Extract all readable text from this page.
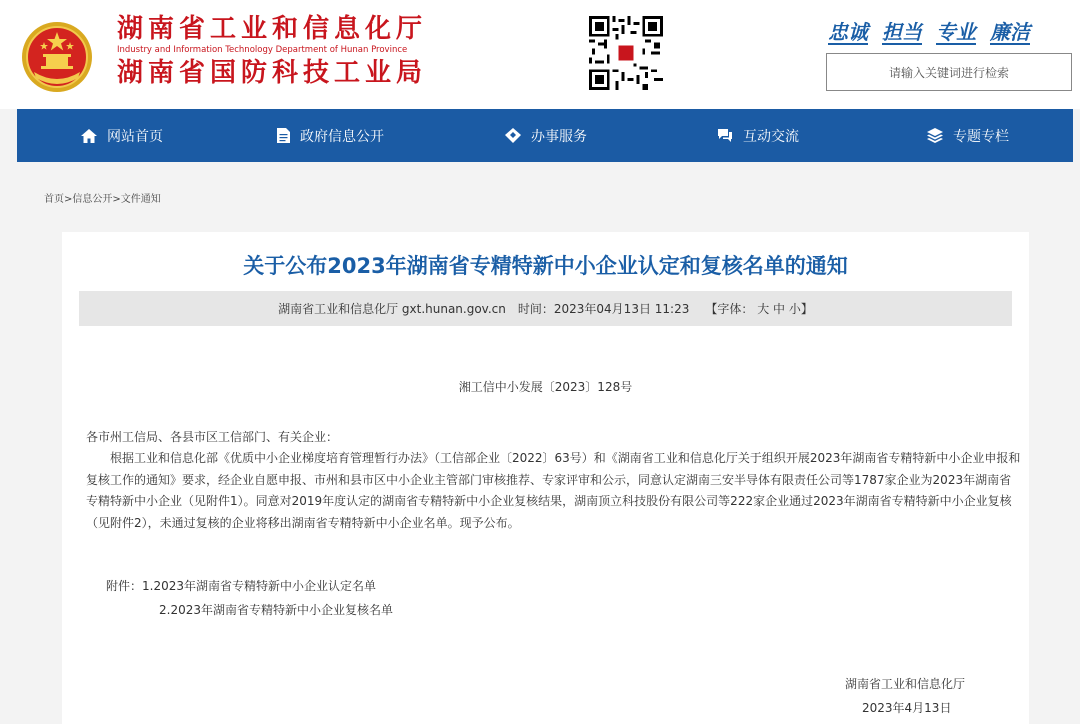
湖南省工业和信息化厅
Industry and Information Technology Department of Hunan Province
湖南省国防科技工业局
忠诚 担当 专业 廉洁
请输入关键词进行检索
网站首页	政府信息公开	办事服务	互动交流	专题专栏
首页>信息公开>文件通知
关于公布2023年湖南省专精特新中小企业认定和复核名单的通知
湖南省工业和信息化厅 gxt.hunan.gov.cn 时间：2023年04月13日 11:23 【字体： 大 中 小】
湘工信中小发展〔2023〕128号
各市州工信局、各县市区工信部门、有关企业：
根据工业和信息化部《优质中小企业梯度培育管理暂行办法》（工信部企业〔2022〕63号）和《湖南省工业和信息化厅关于组织开展2023年湖南省专精特新中小企业申报和复核工作的通知》要求，经企业自愿申报、市州和县市区中小企业主管部门审核推荐、专家评审和公示，同意认定湖南三安半导体有限责任公司等1787家企业为2023年湖南省专精特新中小企业（见附件1）。同意对2019年度认定的湖南省专精特新中小企业复核结果，湖南顶立科技股份有限公司等222家企业通过2023年湖南省专精特新中小企业复核（见附件2），未通过复核的企业将移出湖南省专精特新中小企业名单。现予公布。
附件：1.2023年湖南省专精特新中小企业认定名单
2.2023年湖南省专精特新中小企业复核名单
湖南省工业和信息化厅
2023年4月13日
